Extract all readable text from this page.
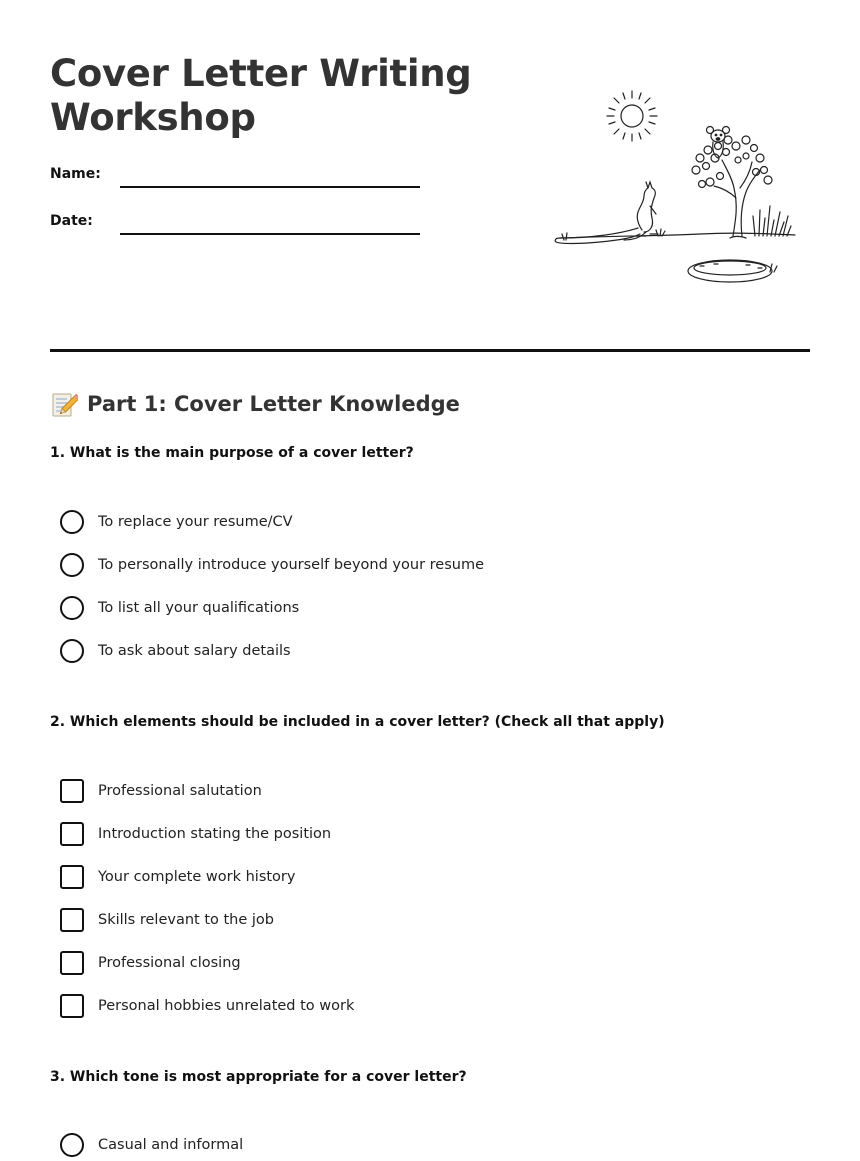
Cover Letter Writing
Workshop
Name:
Date:
Part 1: Cover Letter Knowledge

1. What is the main purpose of a cover letter?

To replace your resume/CV
To personally introduce yourself beyond your resume
To list all your qualifications
To ask about salary details

2. Which elements should be included in a cover letter? (Check all that apply)

Professional salutation
Introduction stating the position
Your complete work history
Skills relevant to the job
Professional closing
Personal hobbies unrelated to work

3. Which tone is most appropriate for a cover letter?

Casual and informal
